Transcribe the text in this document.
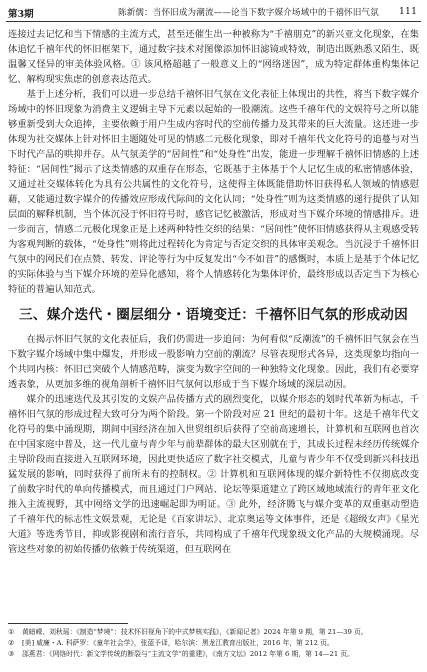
第3期	陈新儒：当怀旧成为潮流——论当下数字媒介场域中的千禧怀旧气氛 111

连接过去记忆和当下情感的主流方式，甚至还催生出一种被称为“千禧朋克”的新兴亚文化现象，在集体追忆千禧年代的怀旧框架下，通过数字技术对图像添加怀旧滤镜或特效，制造出既熟悉又陌生、既温馨又怪异的审美体验风格。① 该风格超越了一般意义上的“网络迷因”，成为特定群体重构集体记忆、解构现实焦虑的创意表达范式。

基于上述分析，我们可以进一步总结千禧怀旧气氛在文化表征上体现出的共性，将当下数字媒介场域中的怀旧现象为消费主义逻辑主导下元素以起始的一股潮流。这些千禧年代的文娱符号之所以能够重新受到大众追捧，主要依赖于用户生成内容时代的空前传播力及其带来的巨大流量。这还进一步体现为社交媒体上针对怀旧主题随处可见的情感二元极化现象，即对千禧年代文化符号的追蔓与对当下时代产品的哄抑并存。从气氛美学的“居间性”和“处身性”出发，能进一步理解千禧怀旧情感的上述特征：“居间性”揭示了这类情感的双重存在形态，它既基于主体基于个人记忆生成的私密情感体验，又通过社交媒体转化为具有公共属性的文化符号，这使得主体既能借助怀旧获得私人领域的情感慰藉，又能通过数字媒介的传播效应形成代际间的文化认同；“处身性”则为这类情感的递行提供了认知层面的解释机制，当个体沉浸于怀旧符号时，感官记忆被激活，形成对当下媒介环境的情感排斥。进一步而言，情感二元极化现象正是上述两种特性交织的结果：“居间性”使怀旧情感获得从主观感受转为客观判断的载体，“处身性”则将此过程转化为肯定与否定交织的具体审美观念。当沉浸于千禧怀旧气氛中的网民们在点赞、转发、评论等行为中反复发出“今不如昔”的感慨时，本质上是基于个体记忆的实际体验与当下媒介环境的差异化感知，将个人情感转化为集体评价，最终形成以否定当下为核心特征的普遍认知范式。

三、媒介迭代・圈层细分・语境变迁：千禧怀旧气氛的形成动因

在揭示怀旧气氛的文化表征后，我们仍需进一步追问：为何看似“反潮流”的千禧怀旧气氛会在当下数字媒介场域中集中爆发，并形成一股影响力空前的潮流？尽管表现形式各异，这类现象均指向一个共同内核：怀旧已突破个人情感范畴，演变为数字空间的一种独特文化现象。因此，我们有必要穿透表象，从更加多维的视角剖析千禧怀旧气氛何以形成于当下媒介场域的深层动因。

媒介的迅速迭代及其引发的文娱产品传播方式的剧烈变化，以媒介形态的划时代革新为标志，千禧怀旧气氛的形成过程大致可分为两个阶段。第一个阶段对应 21 世纪的最初十年。这是千禧年代文化符号的集中涌现期，期间中国经济在加入世贸组织后获得了空前高速增长，计算机和互联网也首次在中国家庭中普及，这一代儿童与青少年与前辈群体的最大区别就在于，其成长过程未经历传统媒介主导阶段而直接进入互联网环境，因此更快适应了数字社交模式，儿童与青少年不仅受到新兴科技迅猛发展的影响，同时获得了前所未有的控制权。② 计算机和互联网体现的媒介新特性不仅彻底改变了前数字时代的单向传播模式，而且通过门户网站、论坛等渠道建立了跨区域地域流行的青年亚文化推入主流视野，其中网络文学的迅速崛起即为明证。③ 此外，经济腾飞与媒介变革的双重驱动塑造了千禧年代的标志性文娱景观，无论是《百家讲坛》、北京奥运等文体事件，还是《超级女声》《星光大道》等选秀节目，抑或影视剧和流行音乐，共同构成了千禧年代现象级文化产品的大规模涌现。尽管这些对象的初始传播仍依赖于传统渠道，但互联网在

① 黄暗嵘、刘秋瑶：《制造“梦境”：技术怀旧视角下的中式梦核实践》，《新闻记者》2024 年第 9 期，第 21—39 页。
② [美] 威廉・A. 科萨罗：《童年社会学》，张蓝予译，哈尔滨：黑龙江教育出版社，2016 年，第 212 页。
③ 邵燕君：《网络时代：新文学传统的断裂与“主流文学”的重建》，《南方文坛》2012 年第 6 期，第 14—21 页。
